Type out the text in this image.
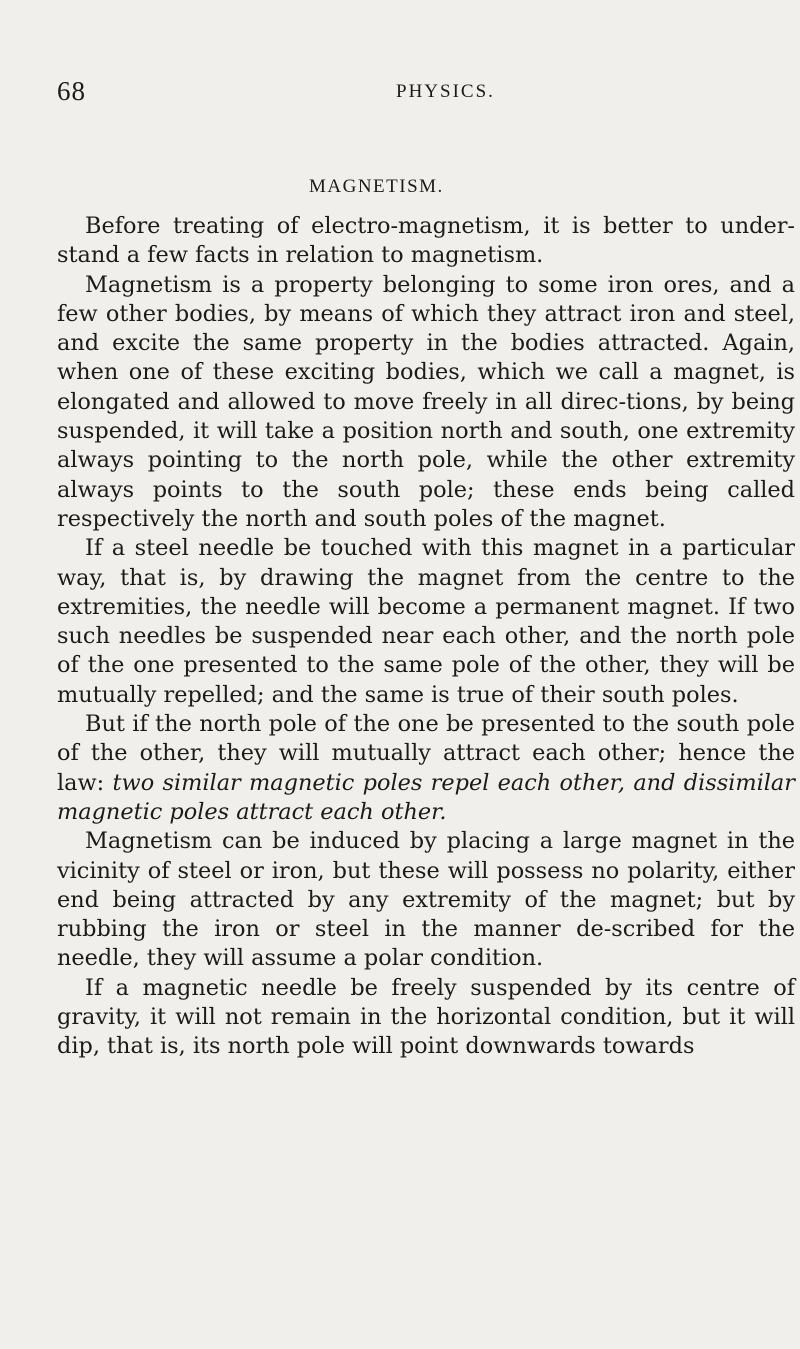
68	PHYSICS.
MAGNETISM.

Before treating of electro-magnetism, it is better to under-stand a few facts in relation to magnetism.

Magnetism is a property belonging to some iron ores, and a few other bodies, by means of which they attract iron and steel, and excite the same property in the bodies attracted. Again, when one of these exciting bodies, which we call a magnet, is elongated and allowed to move freely in all direc-tions, by being suspended, it will take a position north and south, one extremity always pointing to the north pole, while the other extremity always points to the south pole; these ends being called respectively the north and south poles of the magnet.

If a steel needle be touched with this magnet in a particular way, that is, by drawing the magnet from the centre to the extremities, the needle will become a permanent magnet. If two such needles be suspended near each other, and the north pole of the one presented to the same pole of the other, they will be mutually repelled; and the same is true of their south poles.

But if the north pole of the one be presented to the south pole of the other, they will mutually attract each other; hence the law: two similar magnetic poles repel each other, and dissimilar magnetic poles attract each other.

Magnetism can be induced by placing a large magnet in the vicinity of steel or iron, but these will possess no polarity, either end being attracted by any extremity of the magnet; but by rubbing the iron or steel in the manner de-scribed for the needle, they will assume a polar condition.

If a magnetic needle be freely suspended by its centre of gravity, it will not remain in the horizontal condition, but it will dip, that is, its north pole will point downwards towards
